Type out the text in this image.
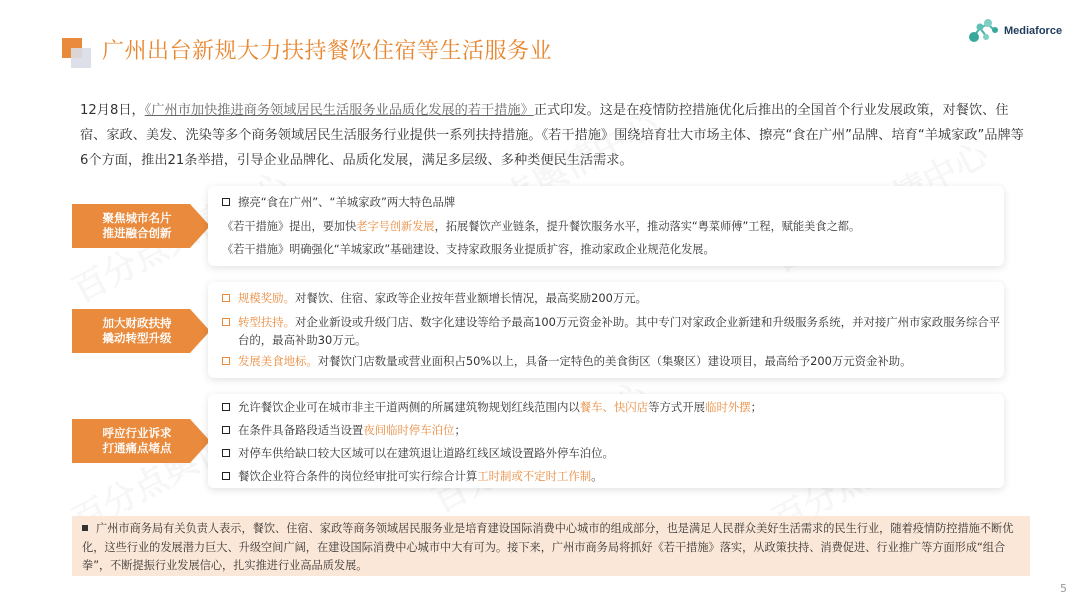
广州出台新规大力扶持餐饮住宿等生活服务业
Mediaforce
12月8日，《广州市加快推进商务领域居民生活服务业品质化发展的若干措施》正式印发。这是在疫情防控措施优化后推出的全国首个行业发展政策，对餐饮、住宿、家政、美发、洗染等多个商务领域居民生活服务行业提供一系列扶持措施。《若干措施》围绕培育壮大市场主体、擦亮“食在广州”品牌、培育“羊城家政”品牌等6个方面，推出21条举措，引导企业品牌化、品质化发展，满足多层级、多种类便民生活需求。
聚焦城市名片
推进融合创新
擦亮“食在广州”、“羊城家政”两大特色品牌
《若干措施》提出，要加快老字号创新发展，拓展餐饮产业链条，提升餐饮服务水平，推动落实“粤菜师傅”工程，赋能美食之都。
《若干措施》明确强化“羊城家政”基础建设、支持家政服务业提质扩容，推动家政企业规范化发展。
加大财政扶持
撬动转型升级
规模奖励。对餐饮、住宿、家政等企业按年营业额增长情况，最高奖励200万元。
转型扶持。对企业新设或升级门店、数字化建设等给予最高100万元资金补助。其中专门对家政企业新建和升级服务系统，并对接广州市家政服务综合平
台的，最高补助30万元。
发展美食地标。对餐饮门店数量或营业面积占50%以上，具备一定特色的美食街区（集聚区）建设项目，最高给予200万元资金补助。
呼应行业诉求
打通痛点堵点
允许餐饮企业可在城市非主干道两侧的所属建筑物规划红线范围内以餐车、快闪店等方式开展临时外摆；
在条件具备路段适当设置夜间临时停车泊位；
对停车供给缺口较大区域可以在建筑退让道路红线区域设置路外停车泊位。
餐饮企业符合条件的岗位经审批可实行综合计算工时制或不定时工作制。

广州市商务局有关负责人表示，餐饮、住宿、家政等商务领域居民服务业是培育建设国际消费中心城市的组成部分，也是满足人民群众美好生活需求的民生行业，随着疫情防控措施不断优化，这些行业的发展潜力巨大、升级空间广阔，在建设国际消费中心城市中大有可为。接下来，广州市商务局将抓好《若干措施》落实，从政策扶持、消费促进、行业推广等方面形成“组合拳”，不断提振行业发展信心，扎实推进行业高品质发展。

5
